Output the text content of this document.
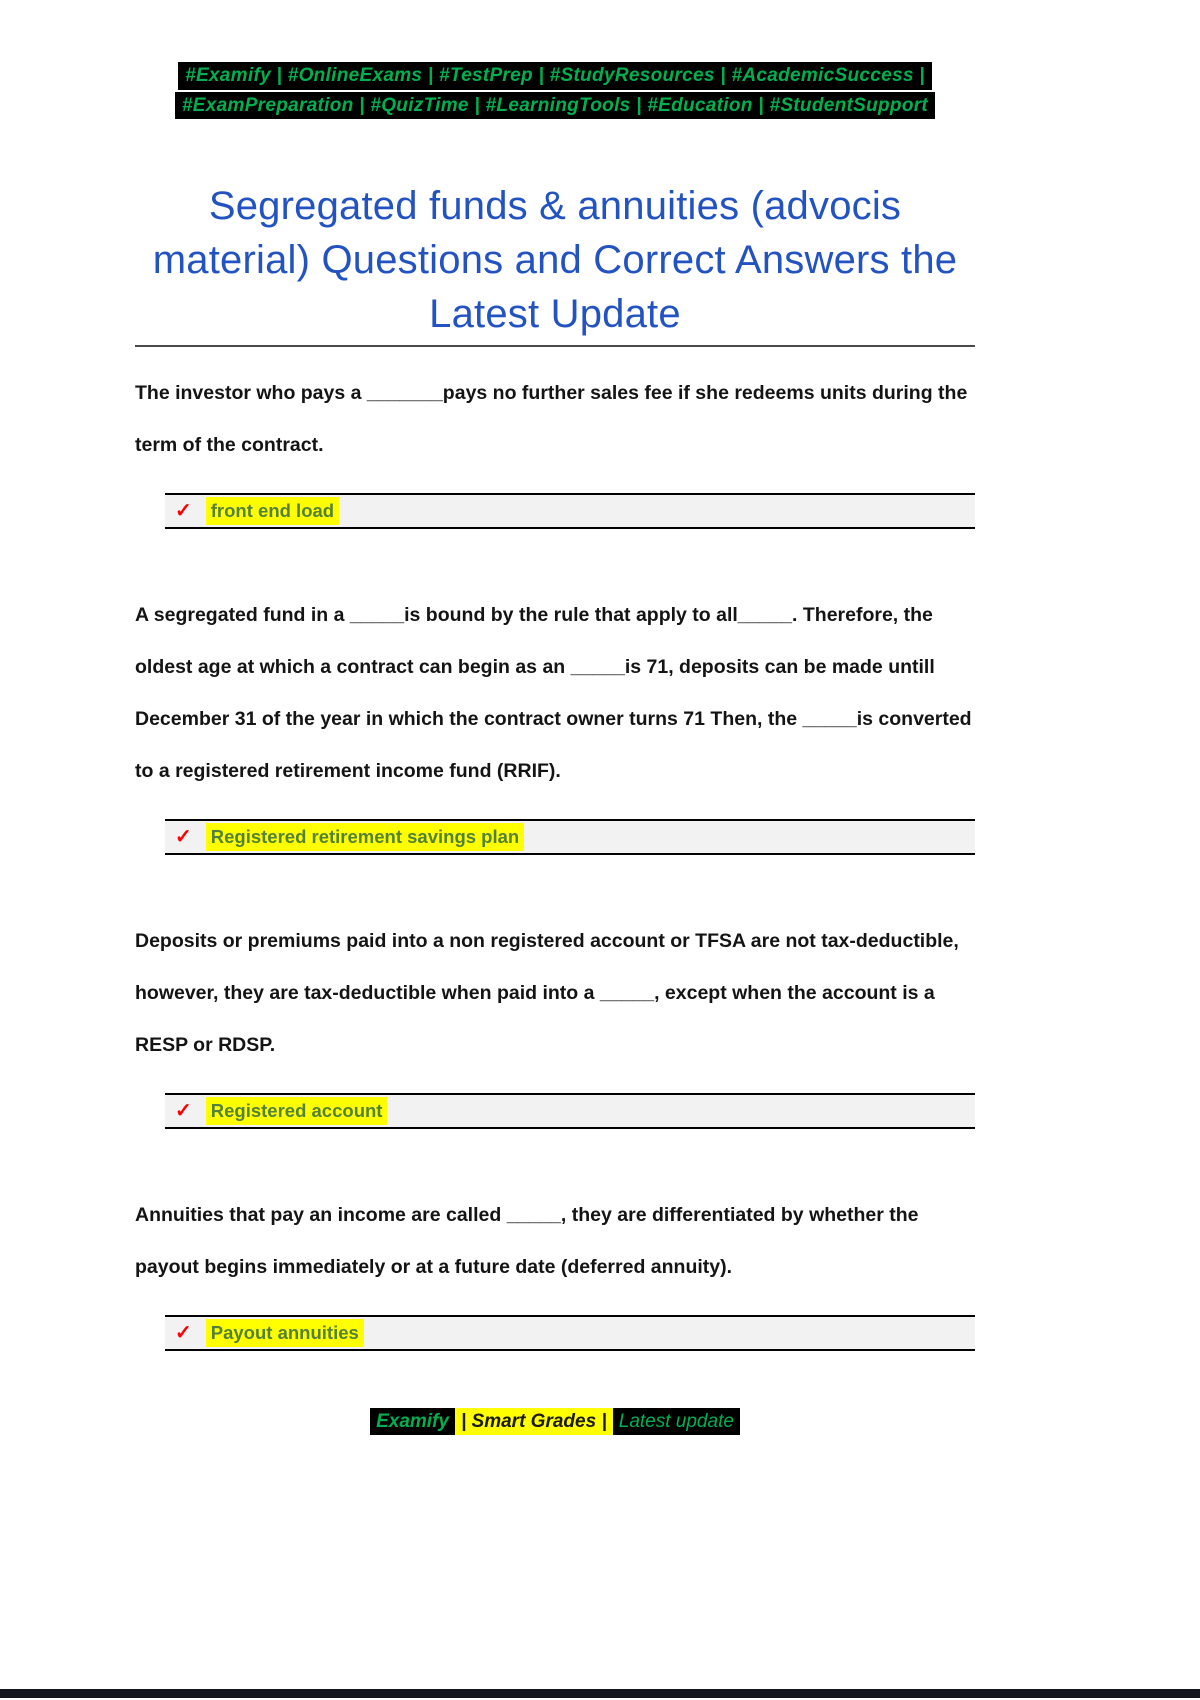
#Examify | #OnlineExams | #TestPrep | #StudyResources | #AcademicSuccess |
#ExamPreparation | #QuizTime | #LearningTools | #Education | #StudentSupport
Segregated funds & annuities (advocis material) Questions and Correct Answers the Latest Update

The investor who pays a _______pays no further sales fee if she redeems units during the term of the contract.

✓ front end load

A segregated fund in a _____is bound by the rule that apply to all_____. Therefore, the oldest age at which a contract can begin as an _____is 71, deposits can be made untill December 31 of the year in which the contract owner turns 71 Then, the _____is converted to a registered retirement income fund (RRIF).

✓ Registered retirement savings plan

Deposits or premiums paid into a non registered account or TFSA are not tax-deductible, however, they are tax-deductible when paid into a _____, except when the account is a RESP or RDSP.

✓ Registered account

Annuities that pay an income are called _____, they are differentiated by whether the payout begins immediately or at a future date (deferred annuity).

✓ Payout annuities
Examify | Smart Grades | Latest update
